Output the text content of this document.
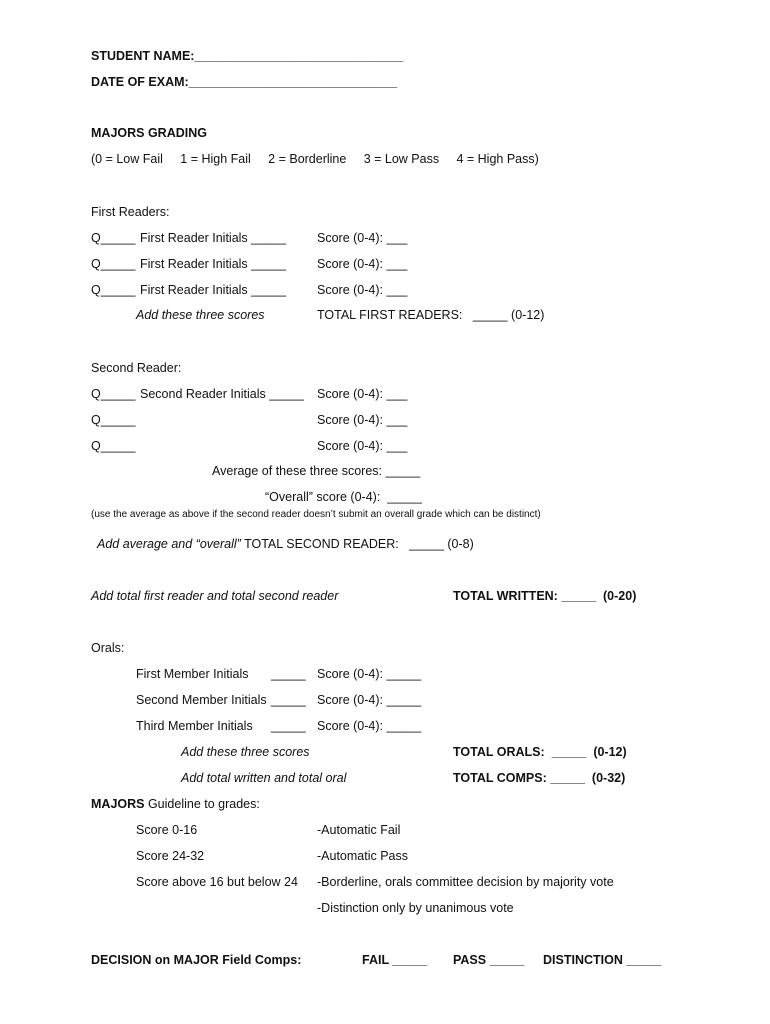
STUDENT NAME:______________________________
DATE OF EXAM:______________________________
MAJORS GRADING
(0 = Low Fail     1 = High Fail     2 = Borderline     3 = Low Pass     4 = High Pass)
First Readers:
Q_____ First Reader Initials _____ Score (0-4): ___
Q_____ First Reader Initials _____ Score (0-4): ___
Q_____ First Reader Initials _____ Score (0-4): ___
Add these three scores	TOTAL FIRST READERS:   _____ (0-12)
Second Reader:
Q_____ Second Reader Initials _____ Score (0-4): ___
Q_____	Score (0-4): ___
Q_____	Score (0-4): ___
Average of these three scores: _____
“Overall” score (0-4):  _____
(use the average as above if the second reader doesn’t submit an overall grade which can be distinct)
Add average and “overall” TOTAL SECOND READER:   _____ (0-8)
Add total first reader and total second reader	TOTAL WRITTEN: _____  (0-20)
Orals:
First Member Initials _____ Score (0-4): _____
Second Member Initials _____ Score (0-4): _____
Third Member Initials _____ Score (0-4): _____
Add these three scores	TOTAL ORALS:  _____  (0-12)
Add total written and total oral	TOTAL COMPS: _____  (0-32)
MAJORS Guideline to grades:
Score 0-16	-Automatic Fail
Score 24-32	-Automatic Pass
Score above 16 but below 24 -Borderline, orals committee decision by majority vote
-Distinction only by unanimous vote
DECISION on MAJOR Field Comps:	FAIL _____ PASS _____ DISTINCTION _____
